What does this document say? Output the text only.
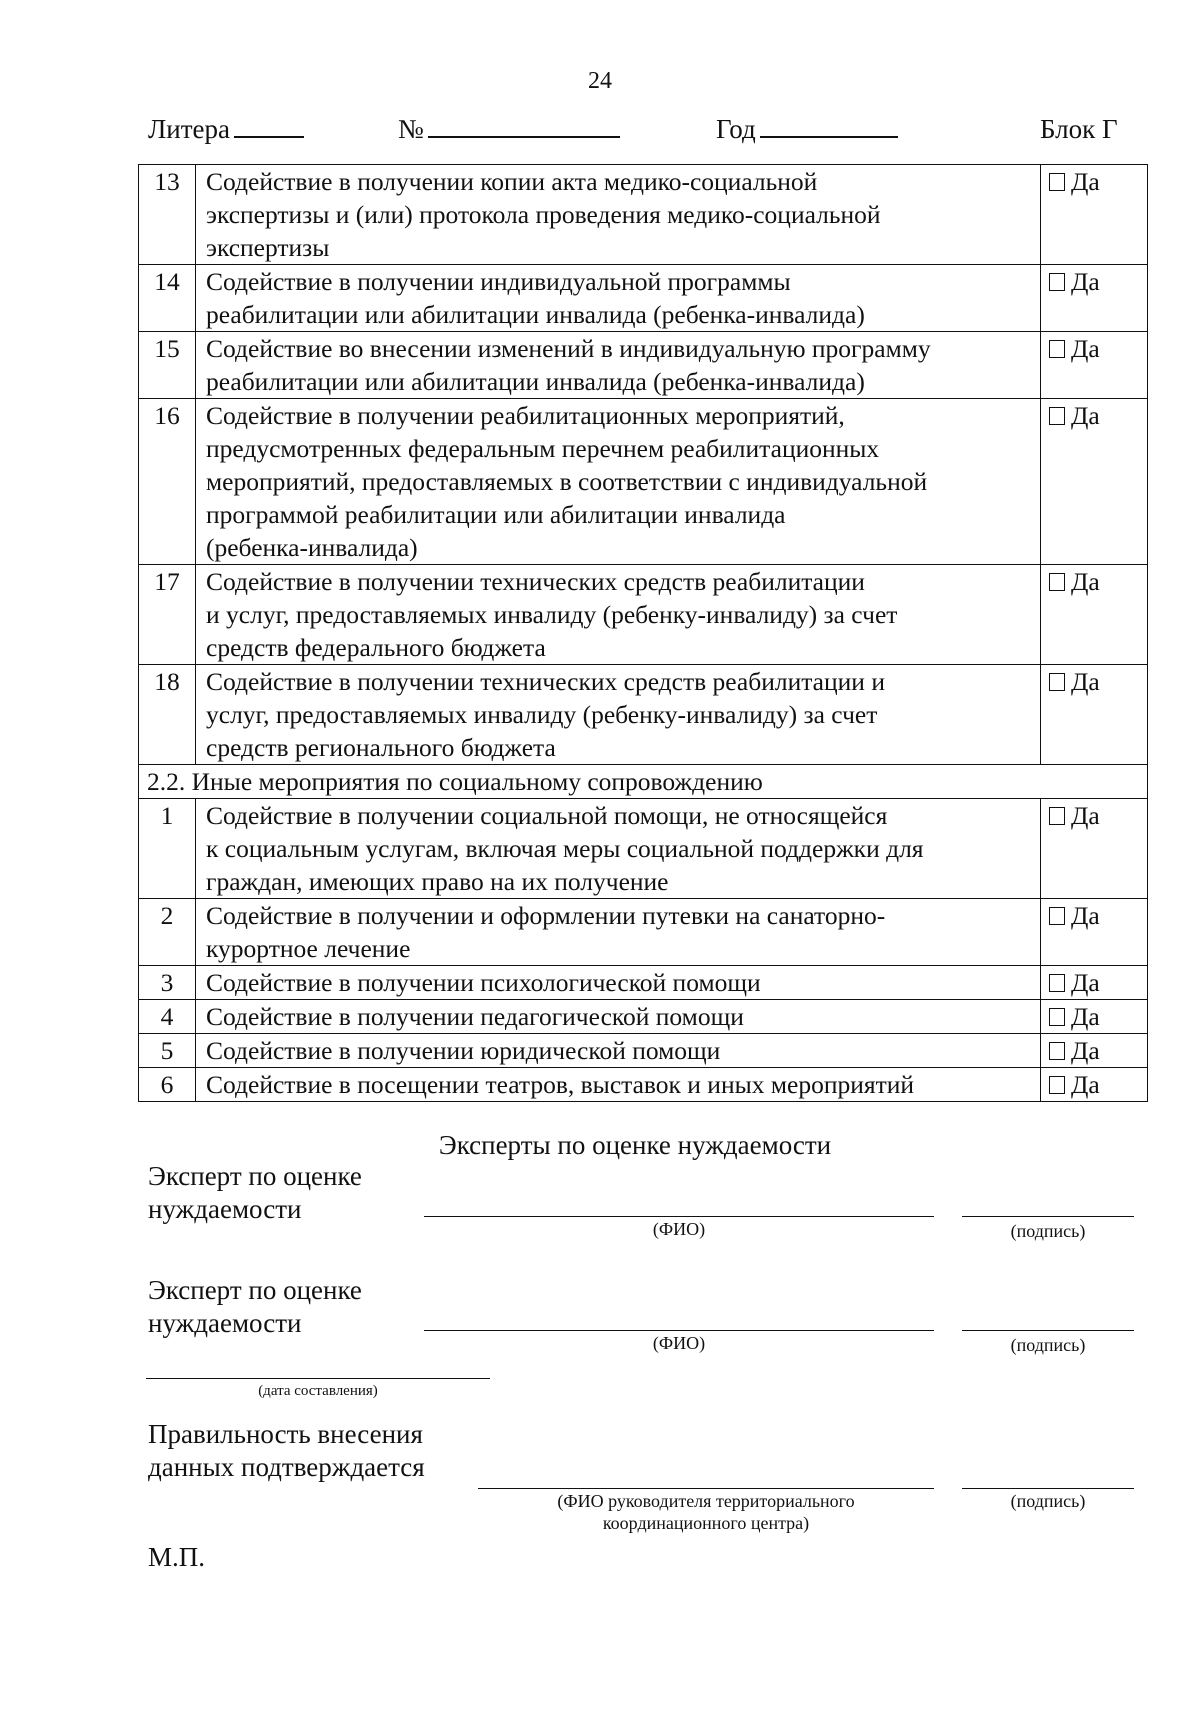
24
Литера	№	Год	Блок Г
13	Содействие в получении копии акта медико-социальной
экспертизы и (или) протокола проведения медико-социальной
экспертизы	Да
14	Содействие в получении индивидуальной программы
реабилитации или абилитации инвалида (ребенка-инвалида)	Да
15	Содействие во внесении изменений в индивидуальную программу
реабилитации или абилитации инвалида (ребенка-инвалида)	Да
16	Содействие в получении реабилитационных мероприятий,
предусмотренных федеральным перечнем реабилитационных
мероприятий, предоставляемых в соответствии с индивидуальной
программой реабилитации или абилитации инвалида
(ребенка-инвалида)	Да
17	Содействие в получении технических средств реабилитации
и услуг, предоставляемых инвалиду (ребенку-инвалиду) за счет
средств федерального бюджета	Да
18	Содействие в получении технических средств реабилитации и
услуг, предоставляемых инвалиду (ребенку-инвалиду) за счет
средств регионального бюджета	Да
2.2. Иные мероприятия по социальному сопровождению		
1	Содействие в получении социальной помощи, не относящейся
к социальным услугам, включая меры социальной поддержки для
граждан, имеющих право на их получение	Да
2	Содействие в получении и оформлении путевки на санаторно-
курортное лечение	Да
3	Содействие в получении психологической помощи	Да
4	Содействие в получении педагогической помощи	Да
5	Содействие в получении юридической помощи	Да
6	Содействие в посещении театров, выставок и иных мероприятий	Да
Эксперты по оценке нуждаемости
Эксперт по оценке
нуждаемости
(ФИО)	(подпись)
Эксперт по оценке
нуждаемости
(ФИО)	(подпись)
(дата составления)
Правильность внесения
данных подтверждается
(ФИО руководителя территориального
координационного центра)
(подпись)
М.П.
